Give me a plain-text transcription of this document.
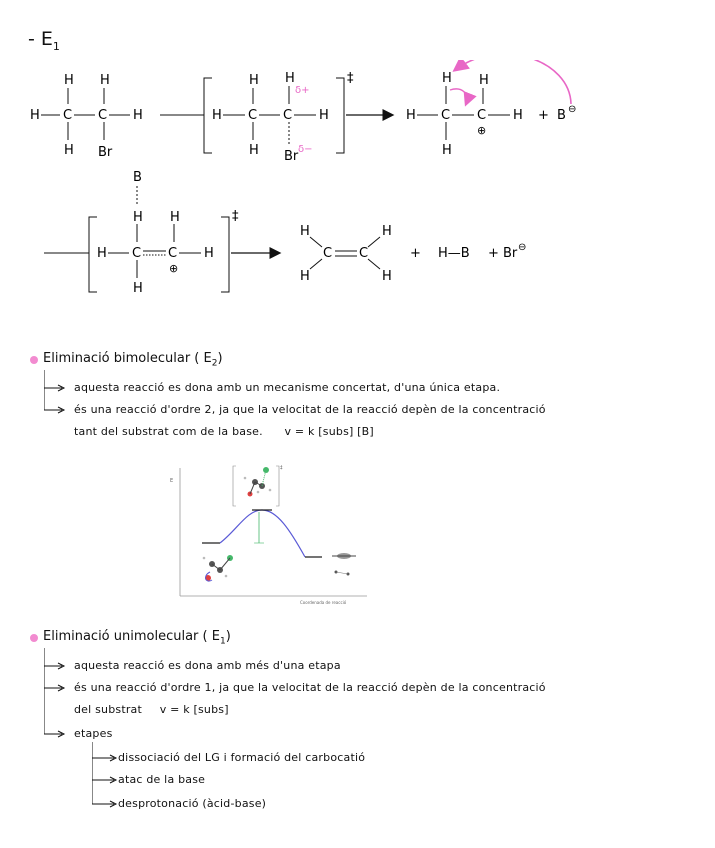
- $E_1$
H C C H
H H
H Br
H C C H
H H
H Br
δ+
δ−
‡
H C C H
H H
H
⊕
+ B ⊖
B
H
H C C H
H
H
⊕
‡
H
C C
H
H	H
+ H—B + Br ⊖
Eliminació bimolecular ( $E_2$)
aquesta reacció es dona amb un mecanisme concertat, d'una única etapa.
és una reacció d'ordre 2, ja que la velocitat de la reacció depèn de la concentració
tant del substrat com de la base. v = k [subs] [B]
E
Coordenada de reacció
‡
Eliminació unimolecular ( $E_1$)
aquesta reacció es dona amb més d'una etapa
és una reacció d'ordre 1, ja que la velocitat de la reacció depèn de la concentració
del substrat v = k [subs]
etapes
dissociació del LG i formació del carbocatió
atac de la base
desprotonació (àcid-base)
